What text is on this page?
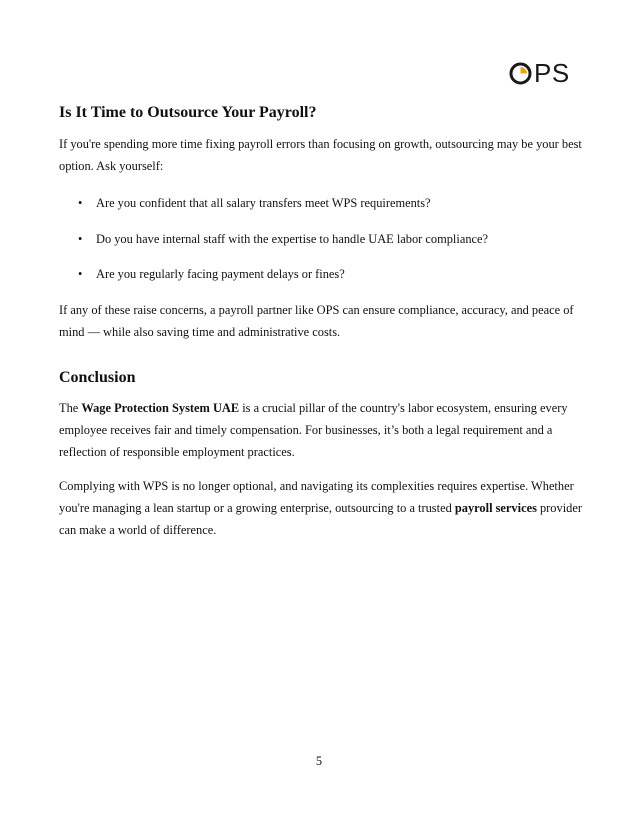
PS
Is It Time to Outsource Your Payroll?

If you're spending more time fixing payroll errors than focusing on growth, outsourcing may be your best option. Ask yourself:

• Are you confident that all salary transfers meet WPS requirements?
• Do you have internal staff with the expertise to handle UAE labor compliance?
• Are you regularly facing payment delays or fines?

If any of these raise concerns, a payroll partner like OPS can ensure compliance, accuracy, and peace of mind — while also saving time and administrative costs.

Conclusion

The Wage Protection System UAE is a crucial pillar of the country's labor ecosystem, ensuring every employee receives fair and timely compensation. For businesses, it’s both a legal requirement and a reflection of responsible employment practices.

Complying with WPS is no longer optional, and navigating its complexities requires expertise. Whether you're managing a lean startup or a growing enterprise, outsourcing to a trusted payroll services provider can make a world of difference.

5
